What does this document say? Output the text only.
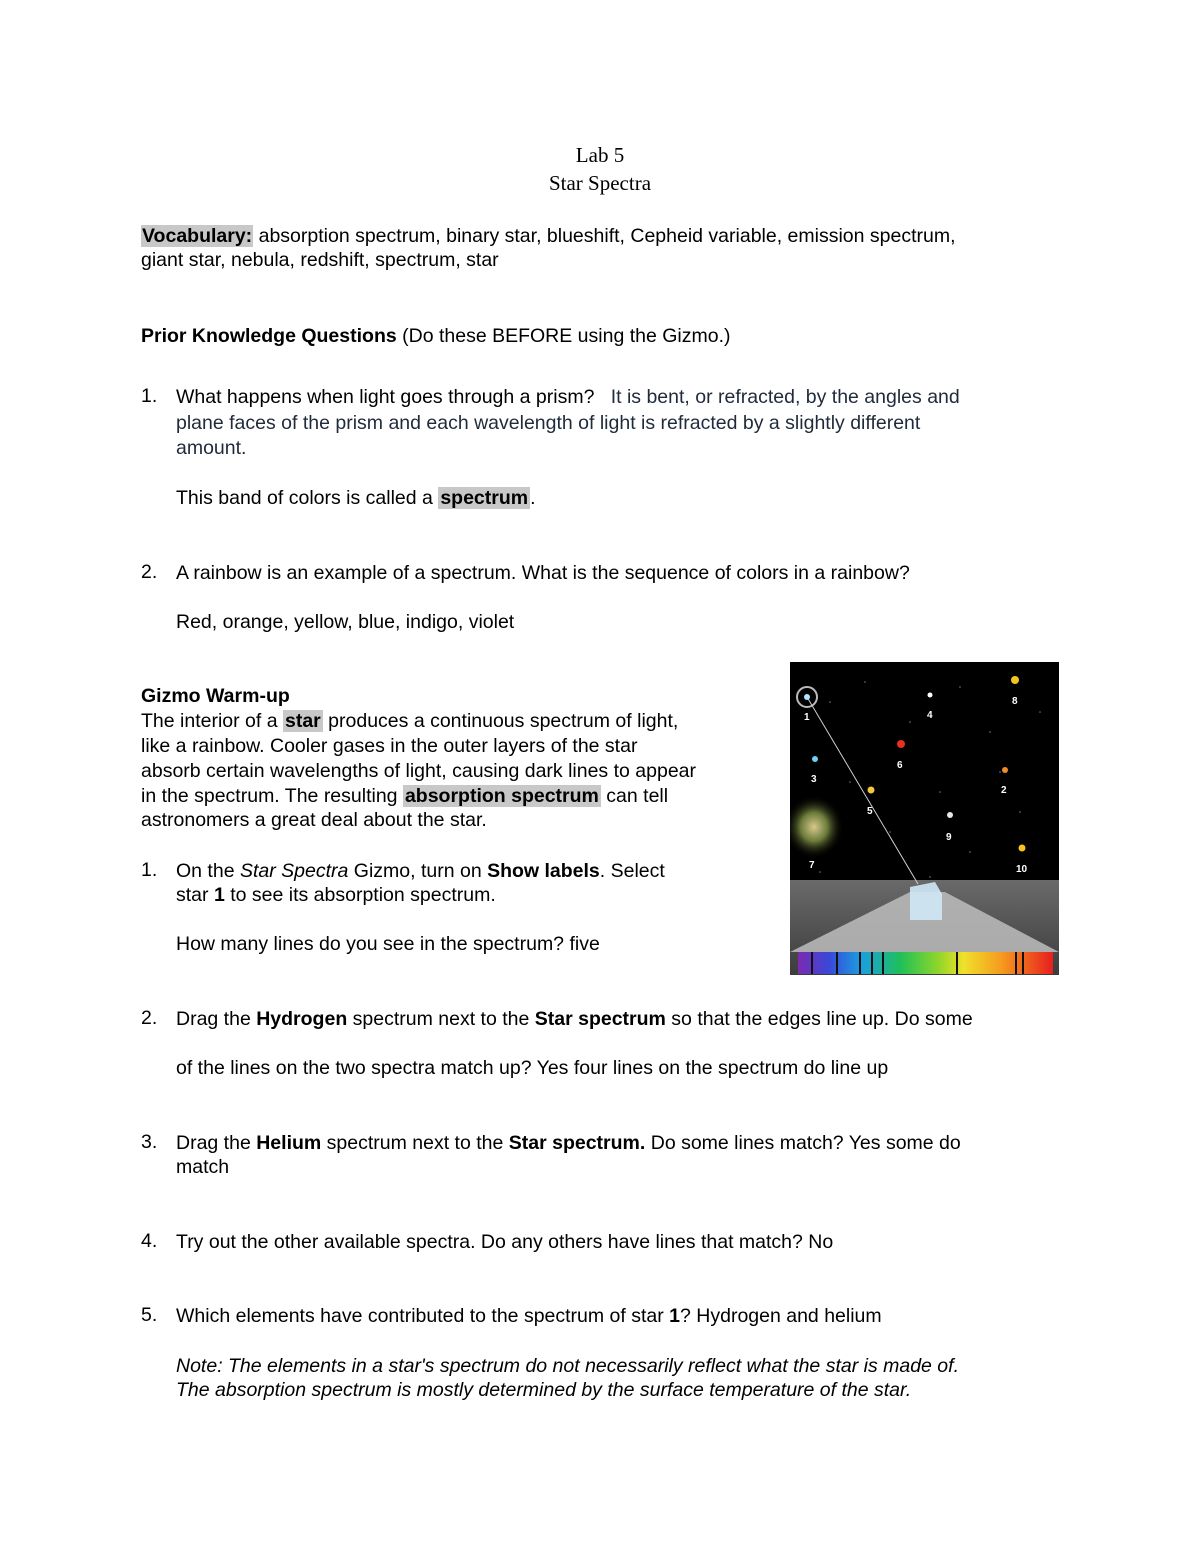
Lab 5
Star Spectra
Vocabulary: absorption spectrum, binary star, blueshift, Cepheid variable, emission spectrum,
giant star, nebula, redshift, spectrum, star
Prior Knowledge Questions (Do these BEFORE using the Gizmo.)
1. What happens when light goes through a prism? It is bent, or refracted, by the angles and
plane faces of the prism and each wavelength of light is refracted by a slightly different
amount.
This band of colors is called a spectrum .
2. A rainbow is an example of a spectrum. What is the sequence of colors in a rainbow?
Red, orange, yellow, blue, indigo, violet
Gizmo Warm-up
The interior of a star produces a continuous spectrum of light,
like a rainbow. Cooler gases in the outer layers of the star
absorb certain wavelengths of light, causing dark lines to appear
in the spectrum. The resulting absorption spectrum can tell
astronomers a great deal about the star.
1. On the Star Spectra Gizmo, turn on Show labels. Select
star 1 to see its absorption spectrum.
How many lines do you see in the spectrum? five
1
2
3
4
5
6
7
8
9
10
2. Drag the Hydrogen spectrum next to the Star spectrum so that the edges line up. Do some
of the lines on the two spectra match up? Yes four lines on the spectrum do line up
3. Drag the Helium spectrum next to the Star spectrum. Do some lines match? Yes some do
match
4. Try out the other available spectra. Do any others have lines that match? No
5. Which elements have contributed to the spectrum of star 1? Hydrogen and helium
Note: The elements in a star's spectrum do not necessarily reflect what the star is made of.
The absorption spectrum is mostly determined by the surface temperature of the star.
